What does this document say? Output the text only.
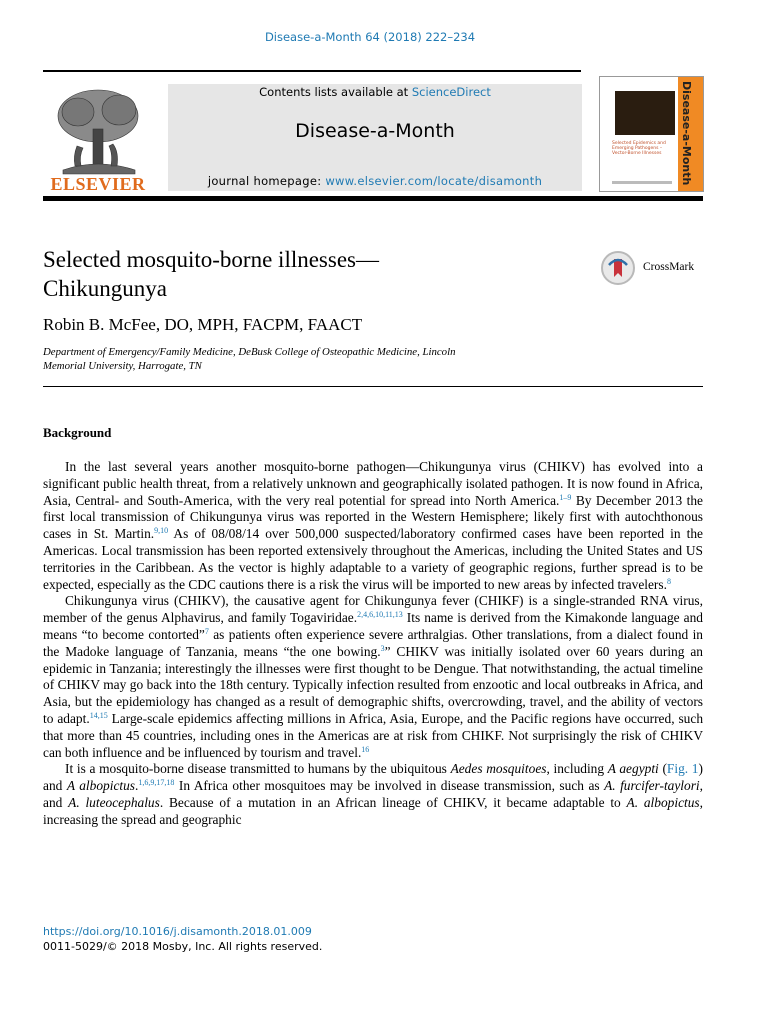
Disease-a-Month 64 (2018) 222–234
ELSEVIER
Contents lists available at ScienceDirect
Disease-a-Month
journal homepage: www.elsevier.com/locate/disamonth	Disease-a-Month
Selected Epidemics and Emerging Pathogens – Vector-Borne Illnesses
Selected mosquito-borne illnesses—
Chikungunya
CrossMark
Robin B. McFee, DO, MPH, FACPM, FAACT
Department of Emergency/Family Medicine, DeBusk College of Osteopathic Medicine, Lincoln
Memorial University, Harrogate, TN
Background

In the last several years another mosquito-borne pathogen—Chikungunya virus (CHIKV) has evolved into a significant public health threat, from a relatively unknown and geographically isolated pathogen. It is now found in Africa, Asia, Central- and South-America, with the very real potential for spread into North America.$^{1-9}$ By December 2013 the first local transmission of Chikungunya virus was reported in the Western Hemisphere; likely first with autochthonous cases in St. Martin.$^{9,10}$ As of 08/08/14 over 500,000 suspected/laboratory confirmed cases have been reported in the Americas. Local transmission has been reported extensively throughout the Americas, including the United States and US territories in the Caribbean. As the vector is highly adaptable to a variety of geographic regions, further spread is to be expected, especially as the CDC cautions there is a risk the virus will be imported to new areas by infected travelers.$^8$

Chikungunya virus (CHIKV), the causative agent for Chikungunya fever (CHIKF) is a single-stranded RNA virus, member of the genus Alphavirus, and family Togaviridae.$^{2,4,6,10,11,13}$ Its name is derived from the Kimakonde language and means “to become contorted”$^7$ as patients often experience severe arthralgias. Other translations, from a dialect found in the Madoke language of Tanzania, means “the one bowing.$^3$” CHIKV was initially isolated over 60 years during an epidemic in Tanzania; interestingly the illnesses were first thought to be Dengue. That notwithstanding, the actual timeline of CHIKV may go back into the 18th century. Typically infection resulted from enzootic and local outbreaks in Africa, and Asia, but the epidemiology has changed as a result of demographic shifts, overcrowding, travel, and the ability of vectors to adapt.$^{14,15}$ Large-scale epidemics affecting millions in Africa, Asia, Europe, and the Pacific regions have occurred, such that more than 45 countries, including ones in the Americas are at risk from CHIKF. Not surprisingly the risk of CHIKV can both influence and be influenced by tourism and travel.$^{16}$

It is a mosquito-borne disease transmitted to humans by the ubiquitous Aedes mosquitoes, including A aegypti (Fig. 1) and A albopictus.$^{1,6,9,17,18}$ In Africa other mosquitoes may be involved in disease transmission, such as A. furcifer-taylori, and A. luteocephalus. Because of a mutation in an African lineage of CHIKV, it became adaptable to A. albopictus, increasing the spread and geographic

https://doi.org/10.1016/j.disamonth.2018.01.009
0011-5029/© 2018 Mosby, Inc. All rights reserved.
